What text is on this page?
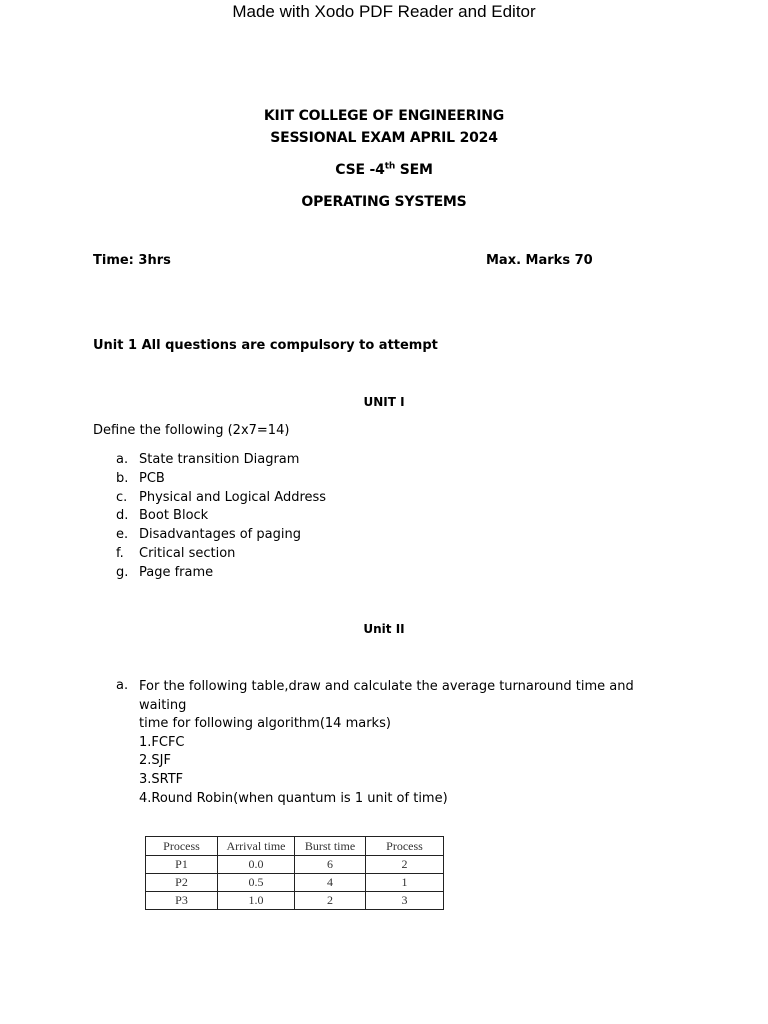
Made with Xodo PDF Reader and Editor
KIIT COLLEGE OF ENGINEERING
SESSIONAL EXAM APRIL 2024
CSE -4th SEM
OPERATING SYSTEMS
Time: 3hrs	Max. Marks 70
Unit 1 All questions are compulsory to attempt
UNIT I
Define the following (2x7=14)
a. State transition Diagram
b. PCB
c. Physical and Logical Address
d. Boot Block
e. Disadvantages of paging
f. Critical section
g. Page frame
Unit II
a. For the following table,draw and calculate the average turnaround time and waiting
time for following algorithm(14 marks)
1.FCFC
2.SJF
3.SRTF
4.Round Robin(when quantum is 1 unit of time)
Process	Arrival time	Burst time	Process
P1	0.0	6	2
P2	0.5	4	1
P3	1.0	2	3
